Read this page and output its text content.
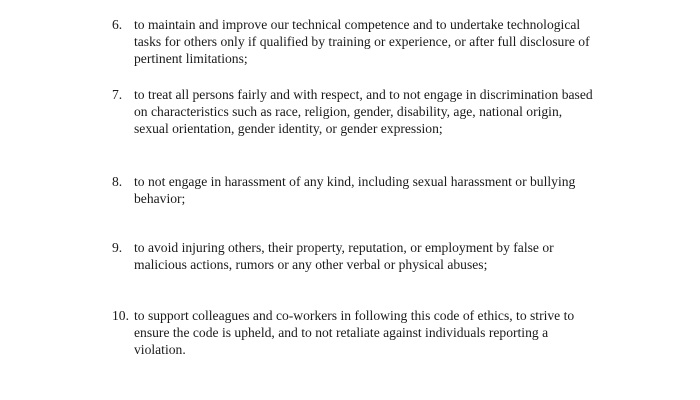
6. to maintain and improve our technical competence and to undertake technological
tasks for others only if qualified by training or experience, or after full disclosure of
pertinent limitations;
7. to treat all persons fairly and with respect, and to not engage in discrimination based
on characteristics such as race, religion, gender, disability, age, national origin,
sexual orientation, gender identity, or gender expression;
8. to not engage in harassment of any kind, including sexual harassment or bullying
behavior;
9. to avoid injuring others, their property, reputation, or employment by false or
malicious actions, rumors or any other verbal or physical abuses;
10. to support colleagues and co-workers in following this code of ethics, to strive to
ensure the code is upheld, and to not retaliate against individuals reporting a
violation.
